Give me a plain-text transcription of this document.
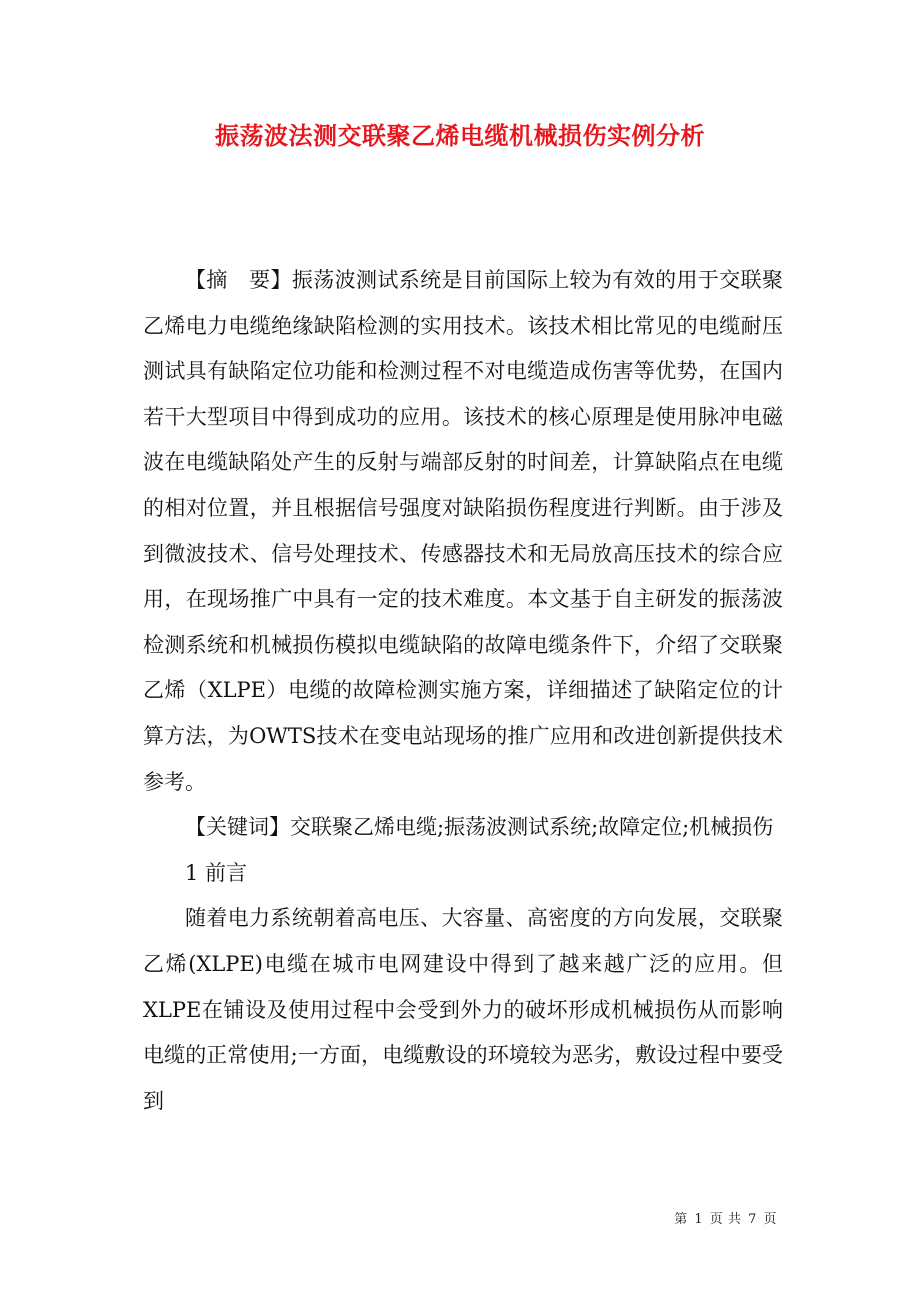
振荡波法测交联聚乙烯电缆机械损伤实例分析

【摘　要】振荡波测试系统是目前国际上较为有效的用于交联聚乙烯电力电缆绝缘缺陷检测的实用技术。该技术相比常见的电缆耐压测试具有缺陷定位功能和检测过程不对电缆造成伤害等优势，在国内若干大型项目中得到成功的应用。该技术的核心原理是使用脉冲电磁波在电缆缺陷处产生的反射与端部反射的时间差，计算缺陷点在电缆的相对位置，并且根据信号强度对缺陷损伤程度进行判断。由于涉及到微波技术、信号处理技术、传感器技术和无局放高压技术的综合应用，在现场推广中具有一定的技术难度。本文基于自主研发的振荡波检测系统和机械损伤模拟电缆缺陷的故障电缆条件下，介绍了交联聚乙烯（XLPE）电缆的故障检测实施方案，详细描述了缺陷定位的计算方法，为OWTS技术在变电站现场的推广应用和改进创新提供技术参考。

【关键词】交联聚乙烯电缆;振荡波测试系统;故障定位;机械损伤

1 前言

随着电力系统朝着高电压、大容量、高密度的方向发展，交联聚乙烯(XLPE)电缆在城市电网建设中得到了越来越广泛的应用。但XLPE在铺设及使用过程中会受到外力的破坏形成机械损伤从而影响电缆的正常使用;一方面，电缆敷设的环境较为恶劣，敷设过程中要受到

第 1 页 共 7 页
